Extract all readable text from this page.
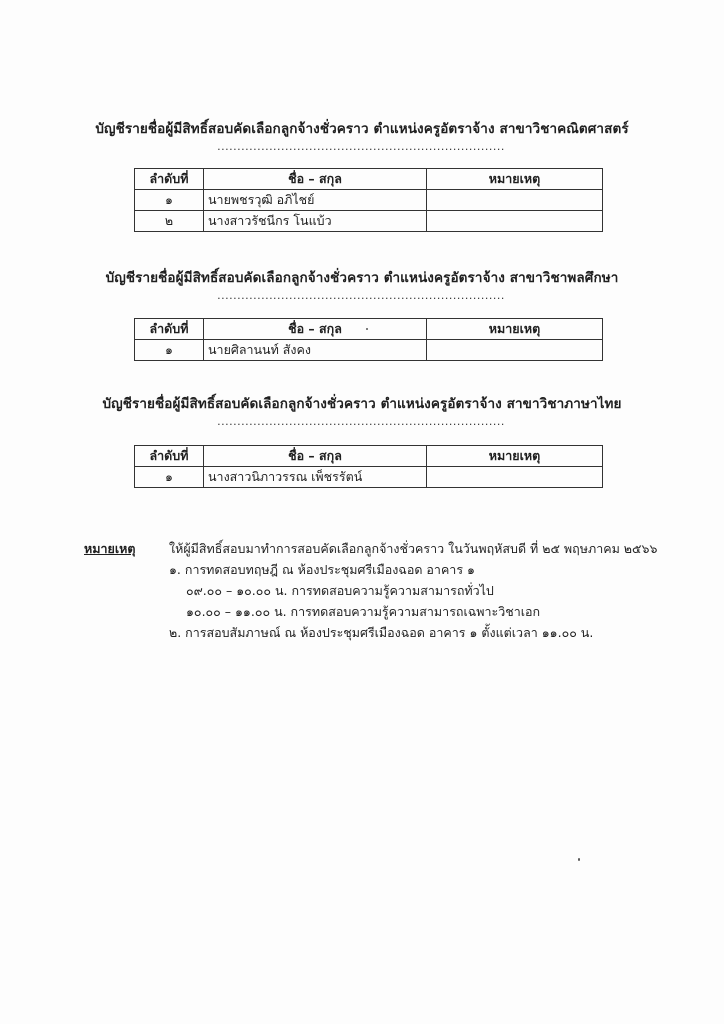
บัญชีรายชื่อผู้มีสิทธิ์สอบคัดเลือกลูกจ้างชั่วคราว ตำแหน่งครูอัตราจ้าง สาขาวิชาคณิตศาสตร์
........................................................................
ลำดับที่	ชื่อ – สกุล	หมายเหตุ
๑	นายพชรวุฒิ อภิไชย์	
๒	นางสาวรัชนีกร โนแบ้ว	
บัญชีรายชื่อผู้มีสิทธิ์สอบคัดเลือกลูกจ้างชั่วคราว ตำแหน่งครูอัตราจ้าง สาขาวิชาพลศึกษา
........................................................................
ลำดับที่	ชื่อ – สกุล	หมายเหตุ
๑	นายศิลานนท์ สังคง	
บัญชีรายชื่อผู้มีสิทธิ์สอบคัดเลือกลูกจ้างชั่วคราว ตำแหน่งครูอัตราจ้าง สาขาวิชาภาษาไทย
........................................................................
ลำดับที่	ชื่อ – สกุล	หมายเหตุ
๑	นางสาวนิภาวรรณ เพ็ชรรัตน์	
หมายเหตุ	ให้ผู้มีสิทธิ์สอบมาทำการสอบคัดเลือกลูกจ้างชั่วคราว ในวันพฤหัสบดี ที่ ๒๕ พฤษภาคม ๒๕๖๖
๑. การทดสอบทฤษฎี ณ ห้องประชุมศรีเมืองฉอด อาคาร ๑
๐๙.๐๐ – ๑๐.๐๐ น. การทดสอบความรู้ความสามารถทั่วไป
๑๐.๐๐ – ๑๑.๐๐ น. การทดสอบความรู้ความสามารถเฉพาะวิชาเอก
๒. การสอบสัมภาษณ์ ณ ห้องประชุมศรีเมืองฉอด อาคาร ๑ ตั้งแต่เวลา ๑๑.๐๐ น.
